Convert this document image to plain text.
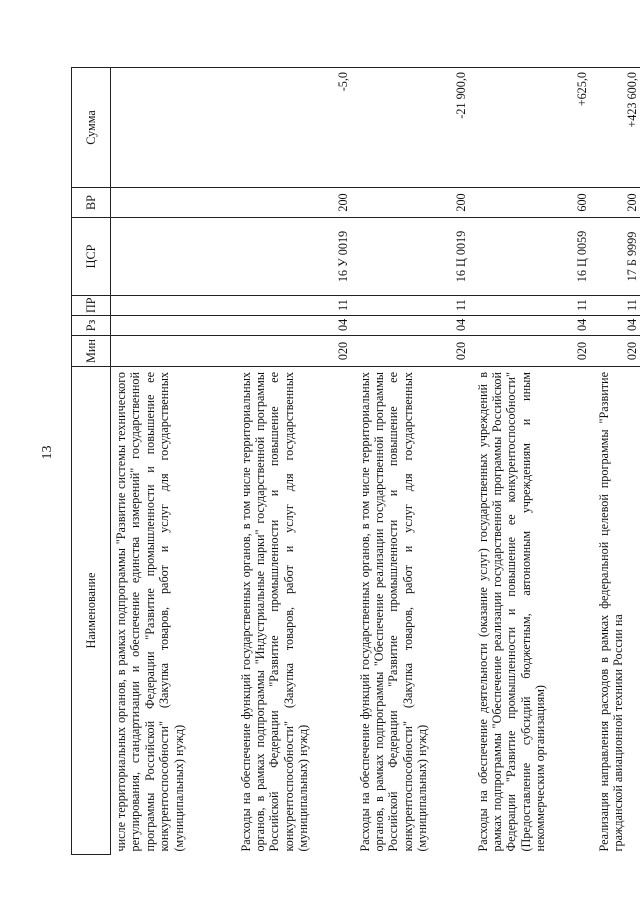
13
Наименование	Мин	Рз	ПР	ЦСР	ВР	Сумма
числе территориальных органов, в рамках подпрограммы "Развитие системы технического регулирования, стандартизации и обеспечение единства измерений" государственной программы Российской Федерации "Развитие промышленности и повышение ее конкурентоспособности" (Закупка товаров, работ и услуг для государственных (муниципальных) нужд)						
Расходы на обеспечение функций государственных органов, в том числе территориальных органов, в рамках подпрограммы "Индустриальные парки" государственной программы Российской Федерации "Развитие промышленности и повышение ее конкурентоспособности" (Закупка товаров, работ и услуг для государственных (муниципальных) нужд)	020	04	11	16 У 0019	200	-5,0
Расходы на обеспечение функций государственных органов, в том числе территориальных органов, в рамках подпрограммы "Обеспечение реализации государственной программы Российской Федерации "Развитие промышленности и повышение ее конкурентоспособности" (Закупка товаров, работ и услуг для государственных (муниципальных) нужд)	020	04	11	16 Ц 0019	200	-21 900,0
Расходы на обеспечение деятельности (оказание услуг) государственных учреждений в рамках подпрограммы "Обеспечение реализации государственной программы Российской Федерации "Развитие промышленности и повышение ее конкурентоспособности" (Предоставление субсидий бюджетным, автономным учреждениям и иным некоммерческим организациям)	020	04	11	16 Ц 0059	600	+625,0
Реализация направления расходов в рамках федеральной целевой программы "Развитие гражданской авиационной техники России на	020	04	11	17 Б 9999	200	+423 600,0
